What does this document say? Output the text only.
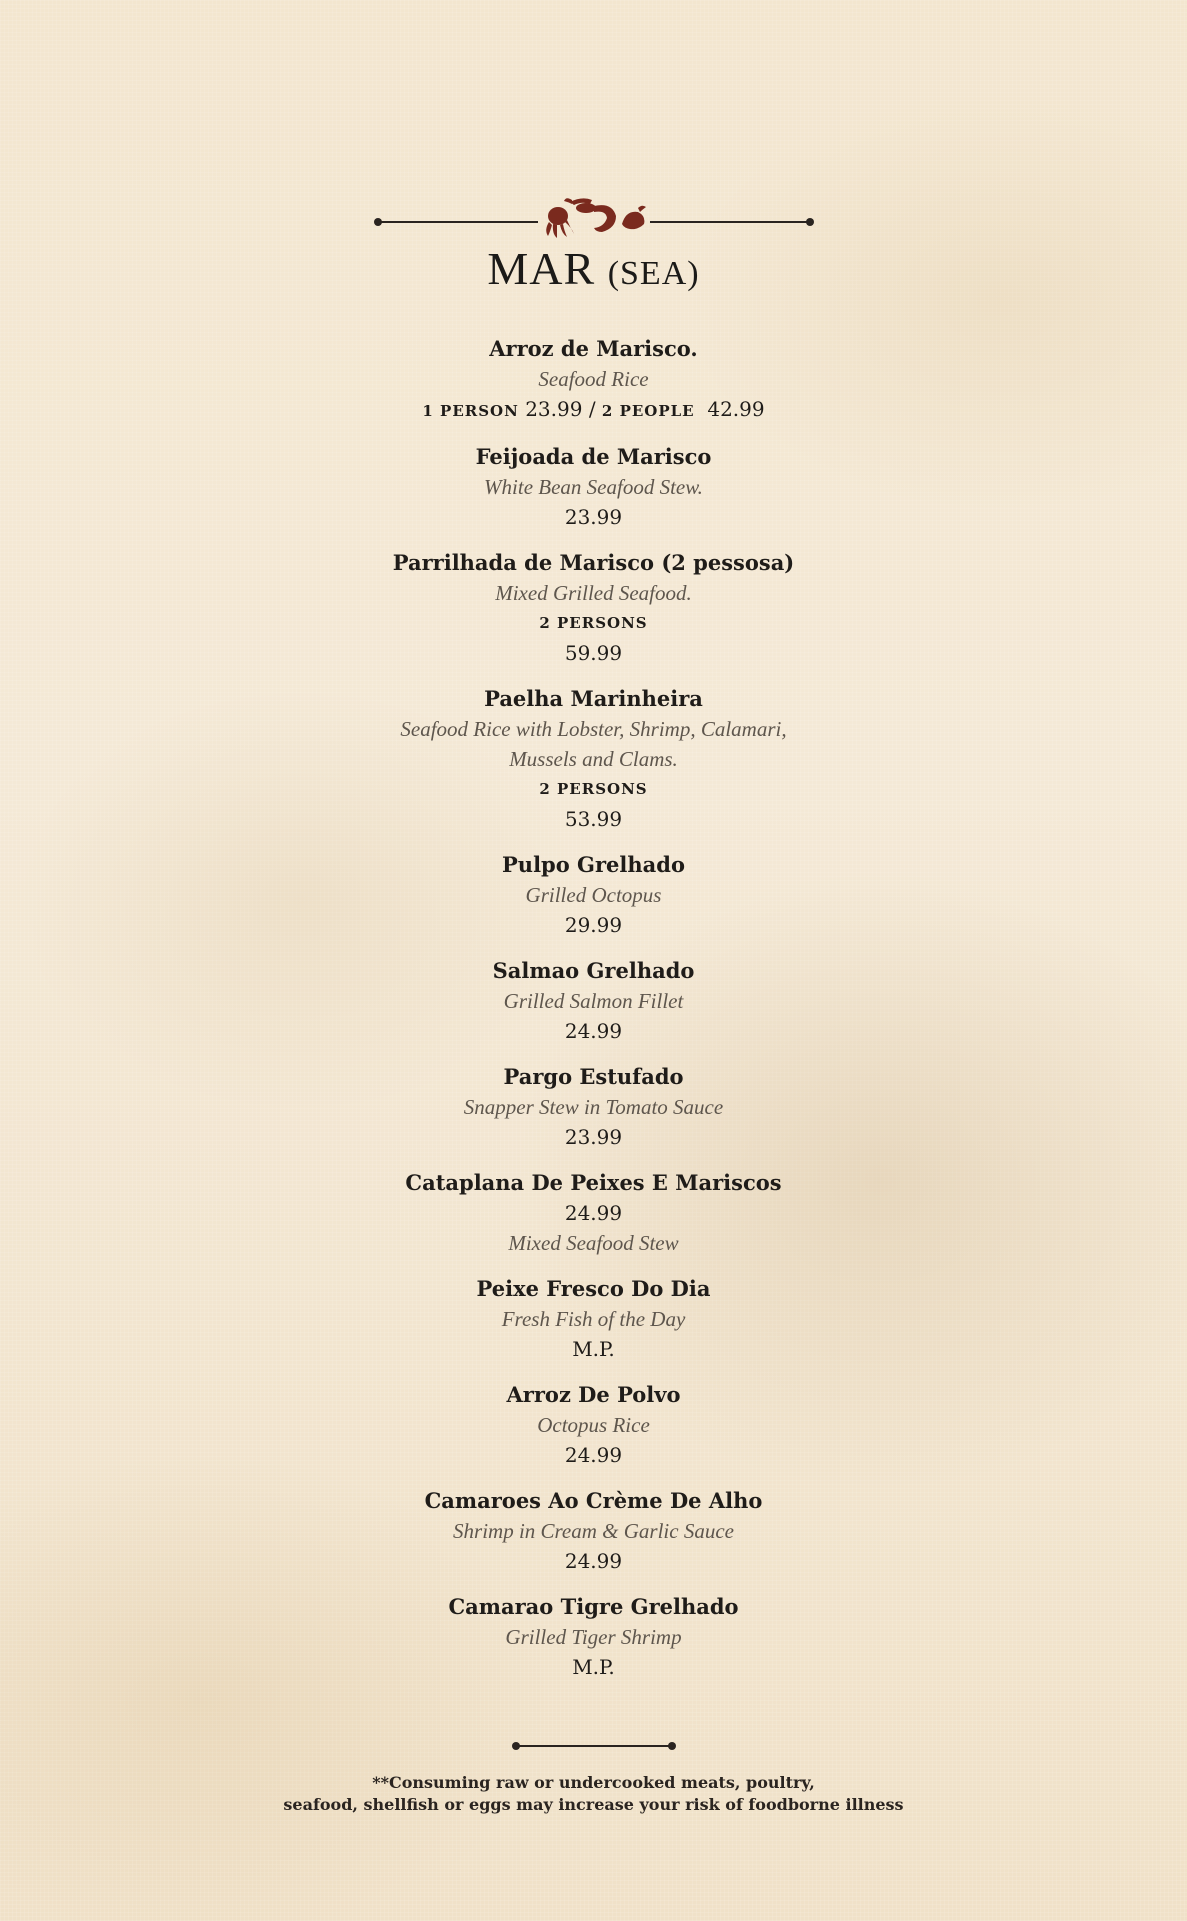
MAR (SEA)
Arroz de Marisco.
Seafood Rice
1 PERSON 23.99 / 2 PEOPLE 42.99
Feijoada de Marisco
White Bean Seafood Stew.
23.99
Parrilhada de Marisco (2 pessosa)
Mixed Grilled Seafood.
2 PERSONS
59.99
Paelha Marinheira
Seafood Rice with Lobster, Shrimp, Calamari,
Mussels and Clams.
2 PERSONS
53.99
Pulpo Grelhado
Grilled Octopus
29.99
Salmao Grelhado
Grilled Salmon Fillet
24.99
Pargo Estufado
Snapper Stew in Tomato Sauce
23.99
Cataplana De Peixes E Mariscos
24.99
Mixed Seafood Stew
Peixe Fresco Do Dia
Fresh Fish of the Day
M.P.
Arroz De Polvo
Octopus Rice
24.99
Camaroes Ao Crème De Alho
Shrimp in Cream & Garlic Sauce
24.99
Camarao Tigre Grelhado
Grilled Tiger Shrimp
M.P.
**Consuming raw or undercooked meats, poultry,
seafood, shellfish or eggs may increase your risk of foodborne illness
